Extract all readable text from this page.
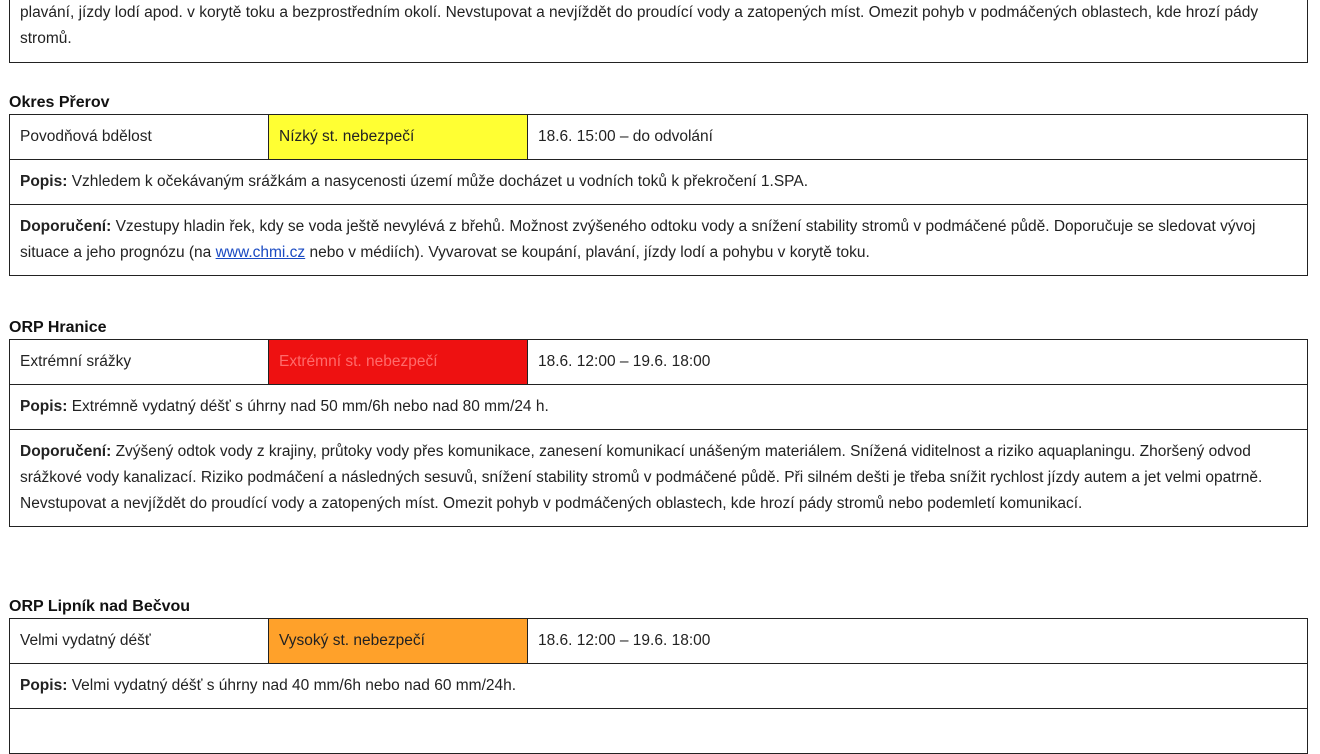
plavání, jízdy lodí apod. v korytě toku a bezprostředním okolí. Nevstupovat a nevjíždět do proudící vody a zatopených míst. Omezit pohyb v podmáčených oblastech, kde hrozí pády stromů.
Okres Přerov
Povodňová bdělost	Nízký st. nebezpečí	18.6. 15:00 – do odvolání
Popis: Vzhledem k očekávaným srážkám a nasycenosti území může docházet u vodních toků k překročení 1.SPA.
Doporučení: Vzestupy hladin řek, kdy se voda ještě nevylévá z břehů. Možnost zvýšeného odtoku vody a snížení stability stromů v podmáčené půdě. Doporučuje se sledovat vývoj situace a jeho prognózu (na www.chmi.cz nebo v médiích). Vyvarovat se koupání, plavání, jízdy lodí a pohybu v korytě toku.
ORP Hranice
Extrémní srážky	Extrémní st. nebezpečí	18.6. 12:00 – 19.6. 18:00
Popis: Extrémně vydatný déšť s úhrny nad 50 mm/6h nebo nad 80 mm/24 h.
Doporučení: Zvýšený odtok vody z krajiny, průtoky vody přes komunikace, zanesení komunikací unášeným materiálem. Snížená viditelnost a riziko aquaplaningu. Zhoršený odvod srážkové vody kanalizací. Riziko podmáčení a následných sesuvů, snížení stability stromů v podmáčené půdě. Při silném dešti je třeba snížit rychlost jízdy autem a jet velmi opatrně. Nevstupovat a nevjíždět do proudící vody a zatopených míst. Omezit pohyb v podmáčených oblastech, kde hrozí pády stromů nebo podemletí komunikací.
ORP Lipník nad Bečvou
Velmi vydatný déšť	Vysoký st. nebezpečí	18.6. 12:00 – 19.6. 18:00
Popis: Velmi vydatný déšť s úhrny nad 40 mm/6h nebo nad 60 mm/24h.
